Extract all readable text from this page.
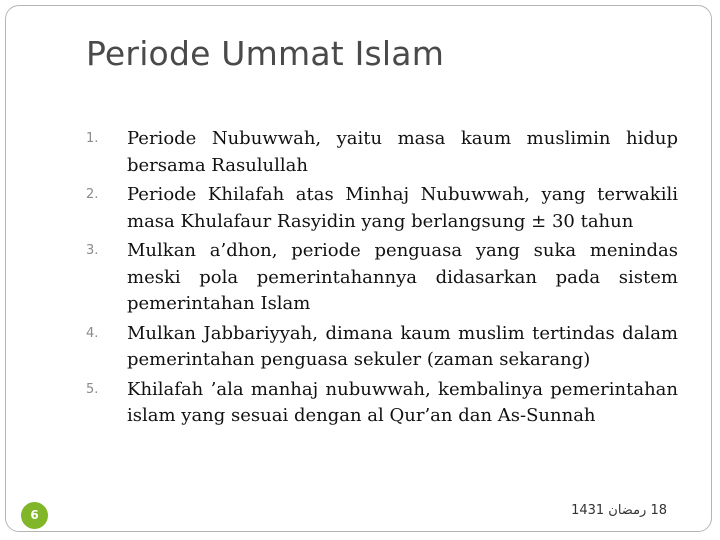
Periode Ummat Islam
1. Periode Nubuwwah, yaitu masa kaum muslimin hidup bersama Rasulullah
2. Periode Khilafah atas Minhaj Nubuwwah, yang terwakili masa Khulafaur Rasyidin yang berlangsung ± 30 tahun
3. Mulkan a’dhon, periode penguasa yang suka menindas meski pola pemerintahannya didasarkan pada sistem pemerintahan Islam
4. Mulkan Jabbariyyah, dimana kaum muslim tertindas dalam pemerintahan penguasa sekuler (zaman sekarang)
5. Khilafah ’ala manhaj nubuwwah, kembalinya pemerintahan islam yang sesuai dengan al Qur’an dan As-Sunnah
6	18 رمضان 1431
